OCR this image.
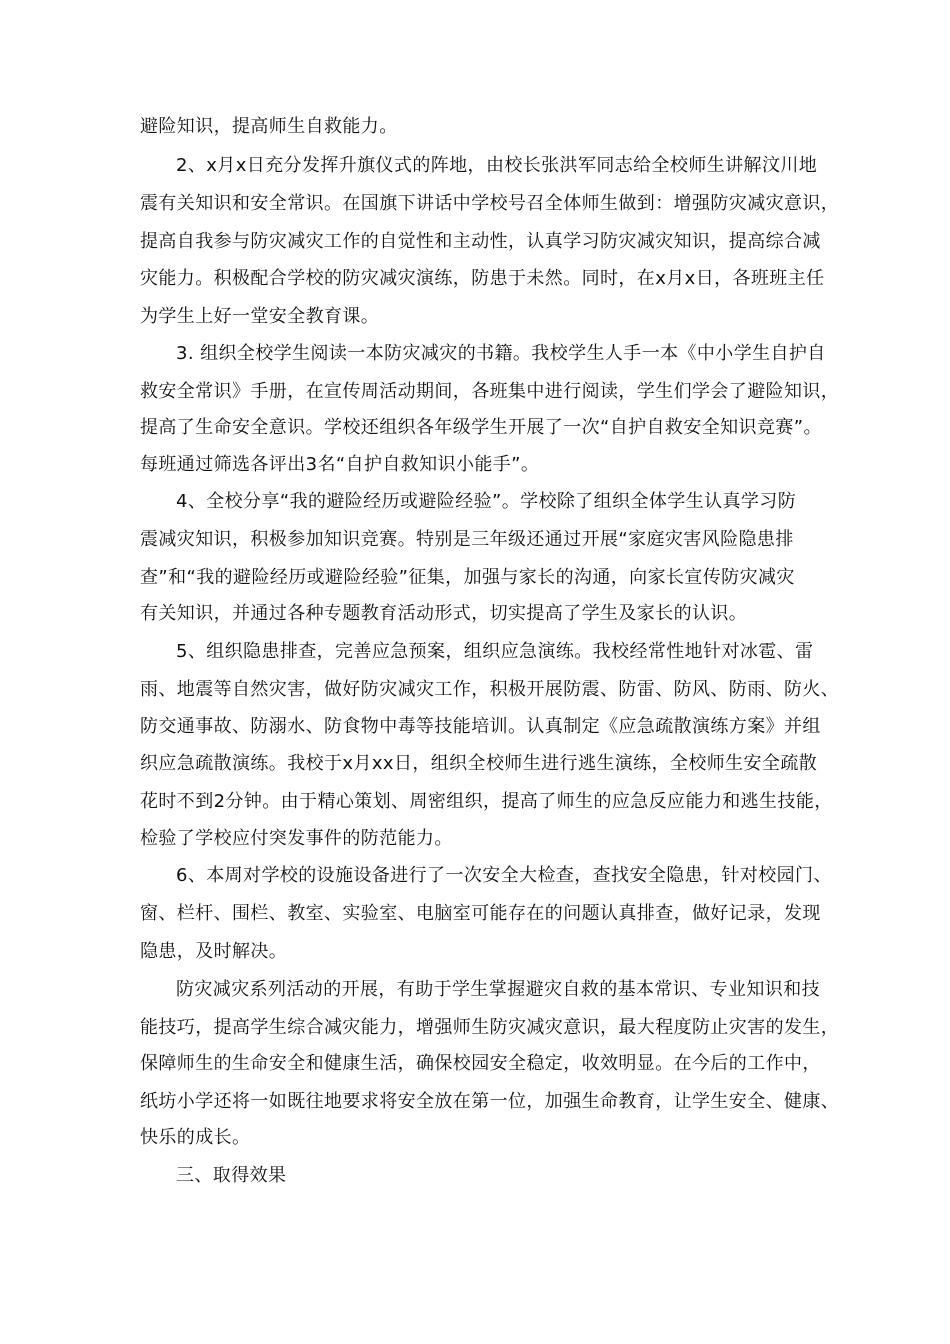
避险知识，提高师生自救能力。
2、x月x日充分发挥升旗仪式的阵地，由校长张洪军同志给全校师生讲解汶川地
震有关知识和安全常识。在国旗下讲话中学校号召全体师生做到：增强防灾减灾意识，
提高自我参与防灾减灾工作的自觉性和主动性，认真学习防灾减灾知识，提高综合减
灾能力。积极配合学校的防灾减灾演练，防患于未然。同时，在x月x日，各班班主任
为学生上好一堂安全教育课。
3. 组织全校学生阅读一本防灾减灾的书籍。我校学生人手一本《中小学生自护自
救安全常识》手册，在宣传周活动期间，各班集中进行阅读，学生们学会了避险知识，
提高了生命安全意识。学校还组织各年级学生开展了一次“自护自救安全知识竞赛”。
每班通过筛选各评出3名“自护自救知识小能手”。
4、全校分享“我的避险经历或避险经验”。学校除了组织全体学生认真学习防
震减灾知识，积极参加知识竞赛。特别是三年级还通过开展“家庭灾害风险隐患排
查”和“我的避险经历或避险经验”征集，加强与家长的沟通，向家长宣传防灾减灾
有关知识，并通过各种专题教育活动形式，切实提高了学生及家长的认识。
5、组织隐患排查，完善应急预案，组织应急演练。我校经常性地针对冰雹、雷
雨、地震等自然灾害，做好防灾减灾工作，积极开展防震、防雷、防风、防雨、防火、
防交通事故、防溺水、防食物中毒等技能培训。认真制定《应急疏散演练方案》并组
织应急疏散演练。我校于x月xx日，组织全校师生进行逃生演练，全校师生安全疏散
花时不到2分钟。由于精心策划、周密组织，提高了师生的应急反应能力和逃生技能，
检验了学校应付突发事件的防范能力。
6、本周对学校的设施设备进行了一次安全大检查，查找安全隐患，针对校园门、
窗、栏杆、围栏、教室、实验室、电脑室可能存在的问题认真排查，做好记录，发现
隐患，及时解决。
防灾减灾系列活动的开展，有助于学生掌握避灾自救的基本常识、专业知识和技
能技巧，提高学生综合减灾能力，增强师生防灾减灾意识，最大程度防止灾害的发生，
保障师生的生命安全和健康生活，确保校园安全稳定，收效明显。在今后的工作中，
纸坊小学还将一如既往地要求将安全放在第一位，加强生命教育，让学生安全、健康、
快乐的成长。
三、取得效果
